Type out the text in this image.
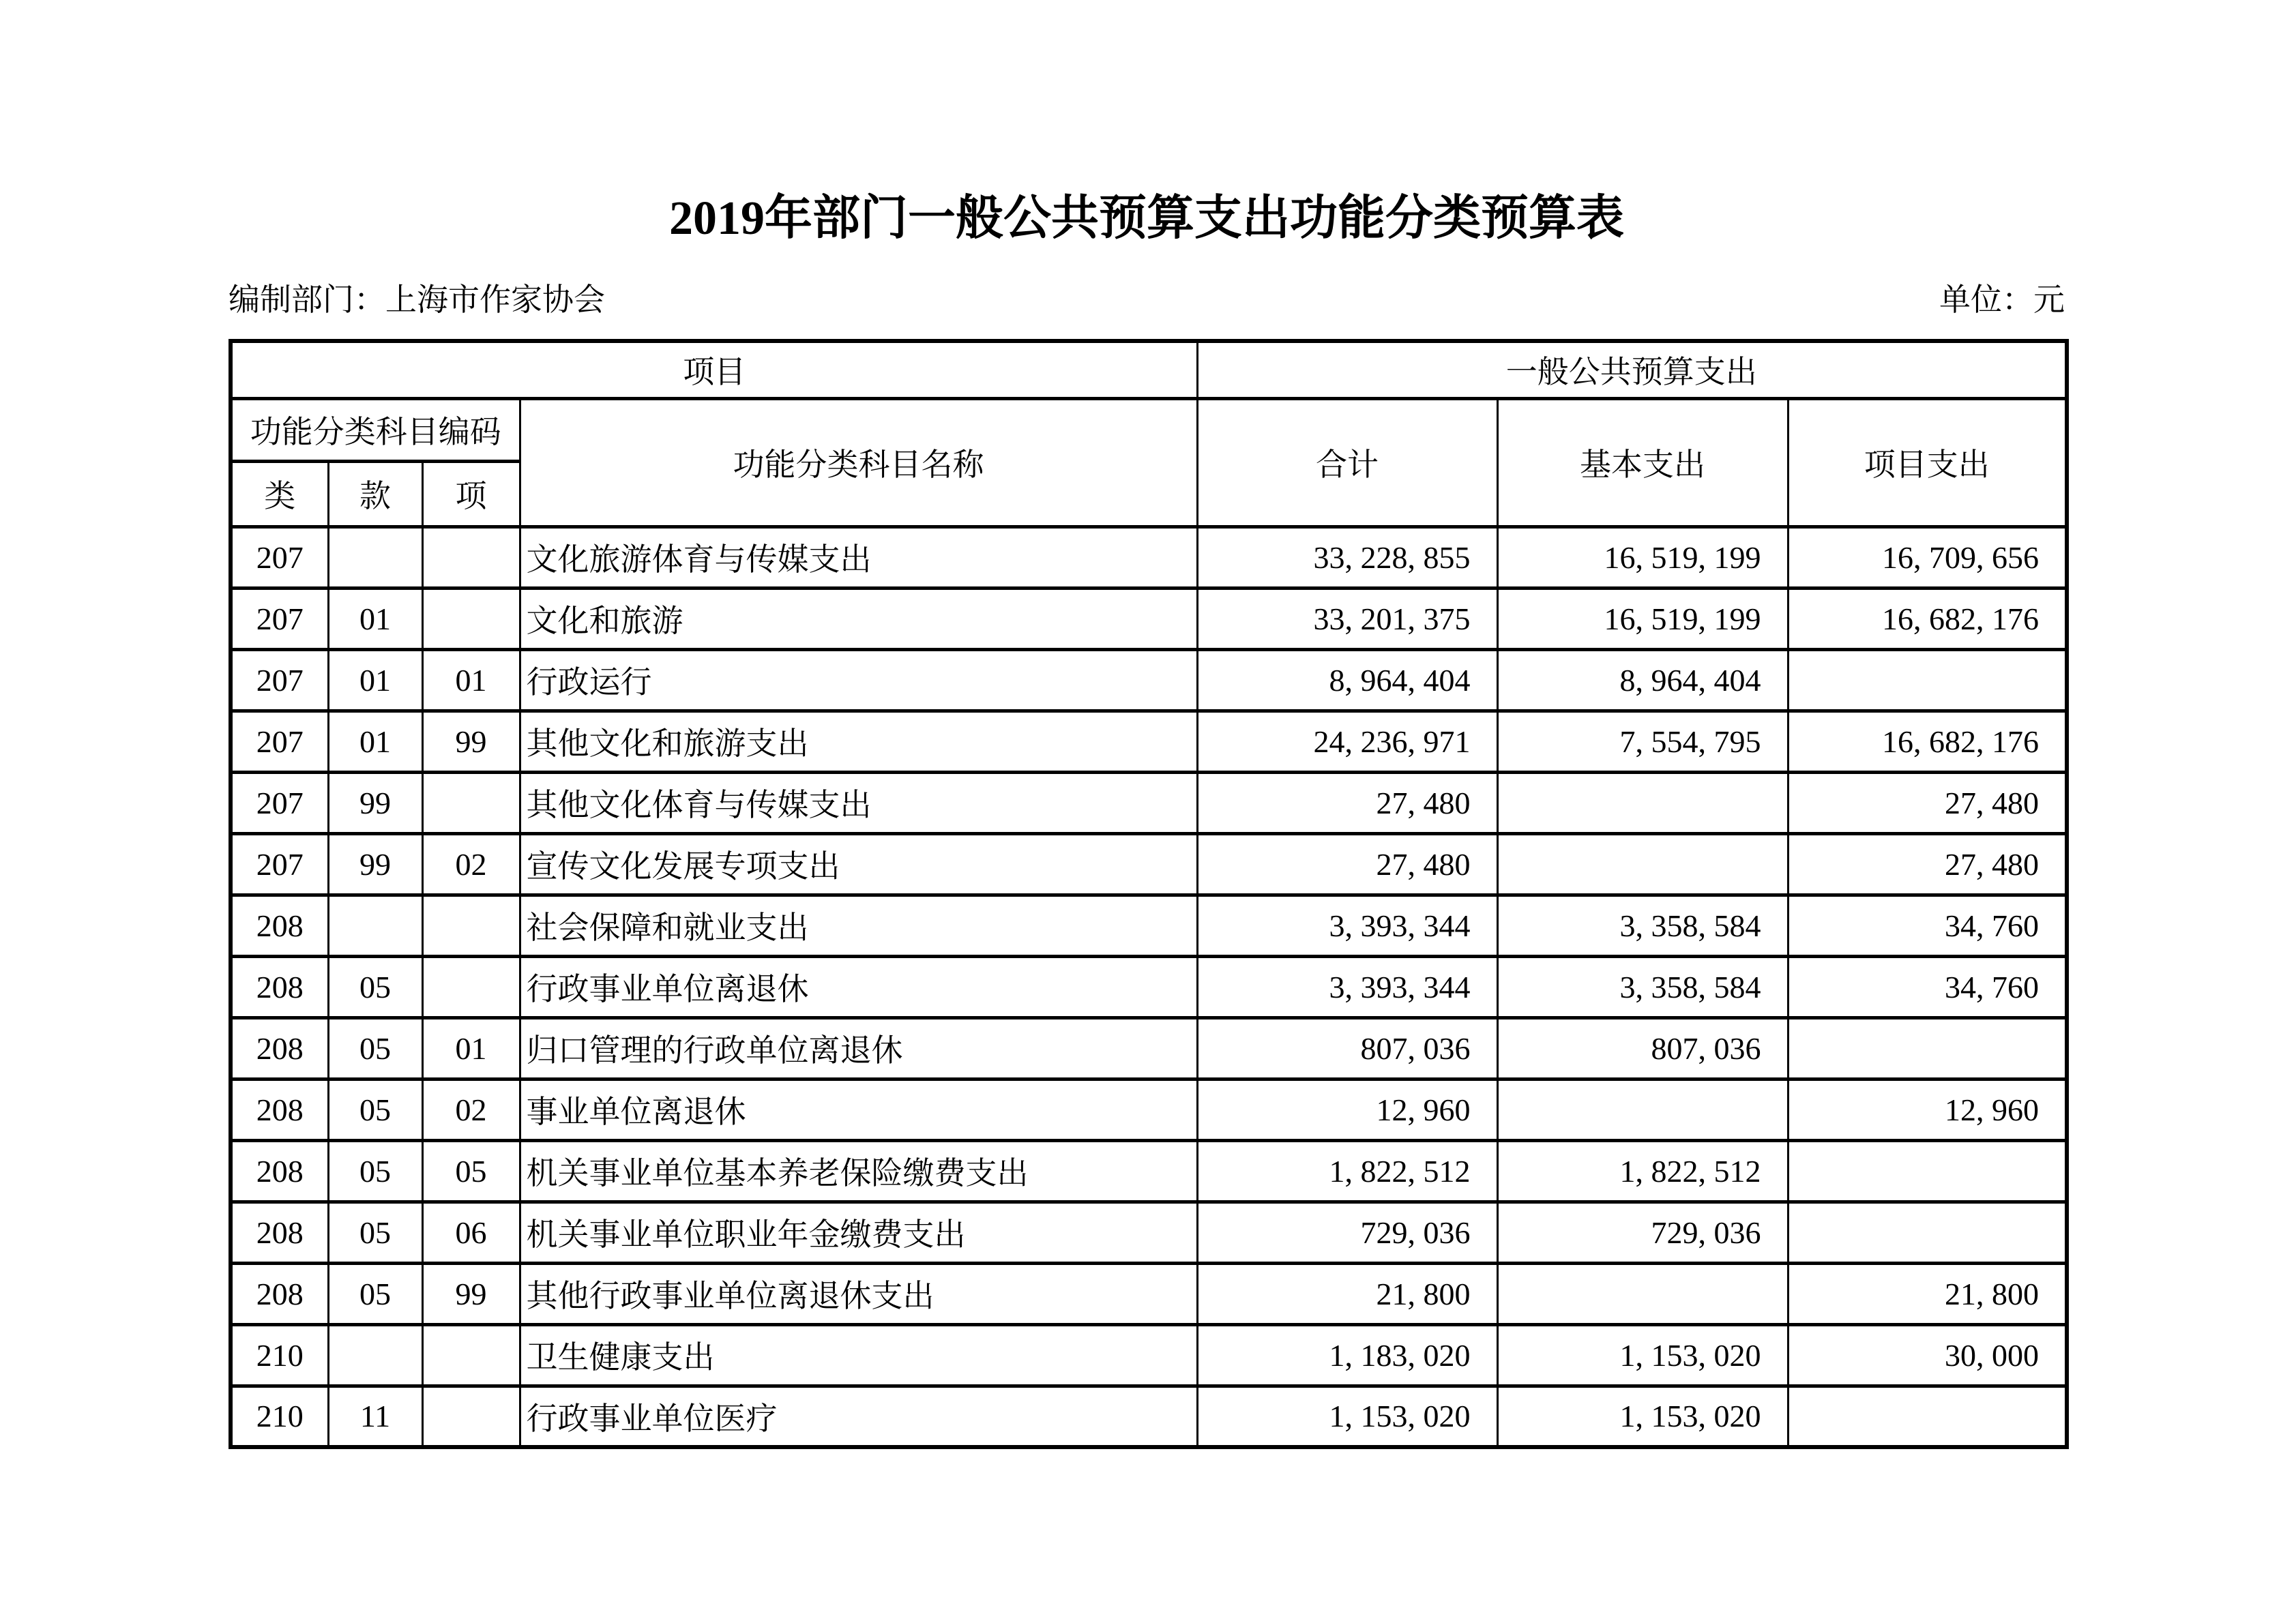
2019年部门一般公共预算支出功能分类预算表
编制部门：上海市作家协会	单位：元
项目				一般公共预算支出		
功能分类科目编码			功能分类科目名称	合计	基本支出	项目支出
类	款	项				
207			文化旅游体育与传媒支出	33, 228, 855	16, 519, 199	16, 709, 656
207	01		文化和旅游	33, 201, 375	16, 519, 199	16, 682, 176
207	01	01	行政运行	8, 964, 404	8, 964, 404	
207	01	99	其他文化和旅游支出	24, 236, 971	7, 554, 795	16, 682, 176
207	99		其他文化体育与传媒支出	27, 480		27, 480
207	99	02	宣传文化发展专项支出	27, 480		27, 480
208			社会保障和就业支出	3, 393, 344	3, 358, 584	34, 760
208	05		行政事业单位离退休	3, 393, 344	3, 358, 584	34, 760
208	05	01	归口管理的行政单位离退休	807, 036	807, 036	
208	05	02	事业单位离退休	12, 960		12, 960
208	05	05	机关事业单位基本养老保险缴费支出	1, 822, 512	1, 822, 512	
208	05	06	机关事业单位职业年金缴费支出	729, 036	729, 036	
208	05	99	其他行政事业单位离退休支出	21, 800		21, 800
210			卫生健康支出	1, 183, 020	1, 153, 020	30, 000
210	11		行政事业单位医疗	1, 153, 020	1, 153, 020	
